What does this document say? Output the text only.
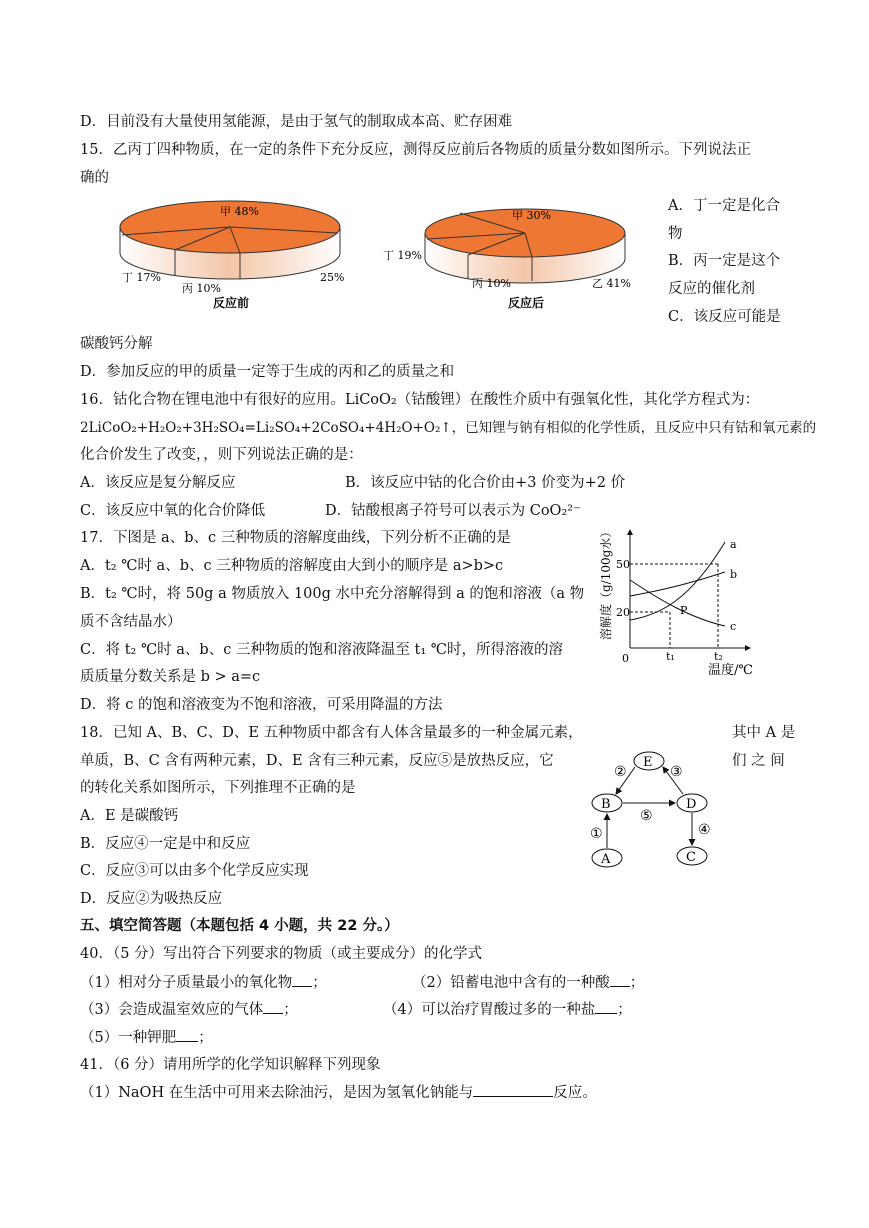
D．目前没有大量使用氢能源，是由于氢气的制取成本高、贮存困难
15．乙丙丁四种物质，在一定的条件下充分反应，测得反应前后各物质的质量分数如图所示。下列说法正
确的
甲 48%
丁 17%
丙 10%
25%
反应前
甲 30%
丁 19%
丙 10%	乙 41%
反应后
A．丁一定是化合
物
B．丙一定是这个
反应的催化剂
C．该反应可能是
碳酸钙分解
D．参加反应的甲的质量一定等于生成的丙和乙的质量之和
16．钴化合物在锂电池中有很好的应用。LiCoO₂（钴酸锂）在酸性介质中有强氧化性，其化学方程式为：
2LiCoO₂+H₂O₂+3H₂SO₄=Li₂SO₄+2CoSO₄+4H₂O+O₂↑，已知锂与钠有相似的化学性质，且反应中只有钴和氧元素的
化合价发生了改变，，则下列说法正确的是：
A．该反应是复分解反应	B．该反应中钴的化合价由+3 价变为+2 价
C．该反应中氧的化合价降低	D．钴酸根离子符号可以表示为 CoO₂²⁻
17．下图是 a、b、c 三种物质的溶解度曲线，下列分析不正确的是
A．t₂ ℃时 a、b、c 三种物质的溶解度由大到小的顺序是 a>b>c
B．t₂ ℃时，将 50g a 物质放入 100g 水中充分溶解得到 a 的饱和溶液（a 物
质不含结晶水）
C．将 t₂ ℃时 a、b、c 三种物质的饱和溶液降温至 t₁ ℃时，所得溶液的溶
质质量分数关系是 b > a=c
D．将 c 的饱和溶液变为不饱和溶液，可采用降温的方法
溶解度（g/100g水） 50
20
0
a
b
c
P
t₁	t₂
温度/℃
18．已知 A、B、C、D、E 五种物质中都含有人体含量最多的一种金属元素，	其中 A 是
单质，B、C 含有两种元素，D、E 含有三种元素，反应⑤是放热反应，它	们 之 间
的转化关系如图所示，下列推理不正确的是
A．E 是碳酸钙
B．反应④一定是中和反应
C．反应③可以由多个化学反应实现
D．反应②为吸热反应
E
B	D
A	C
②	③
⑤
①	④
五、填空简答题（本题包括 4 小题，共 22 分。）
40．（5 分）写出符合下列要求的物质（或主要成分）的化学式
（1）相对分子质量最小的氧化物 ；	（2）铅蓄电池中含有的一种酸 ；
（3）会造成温室效应的气体 ；	（4）可以治疗胃酸过多的一种盐 ；
（5）一种钾肥 ；
41．（6 分）请用所学的化学知识解释下列现象
（1）NaOH 在生活中可用来去除油污，是因为氢氧化钠能与	反应。
